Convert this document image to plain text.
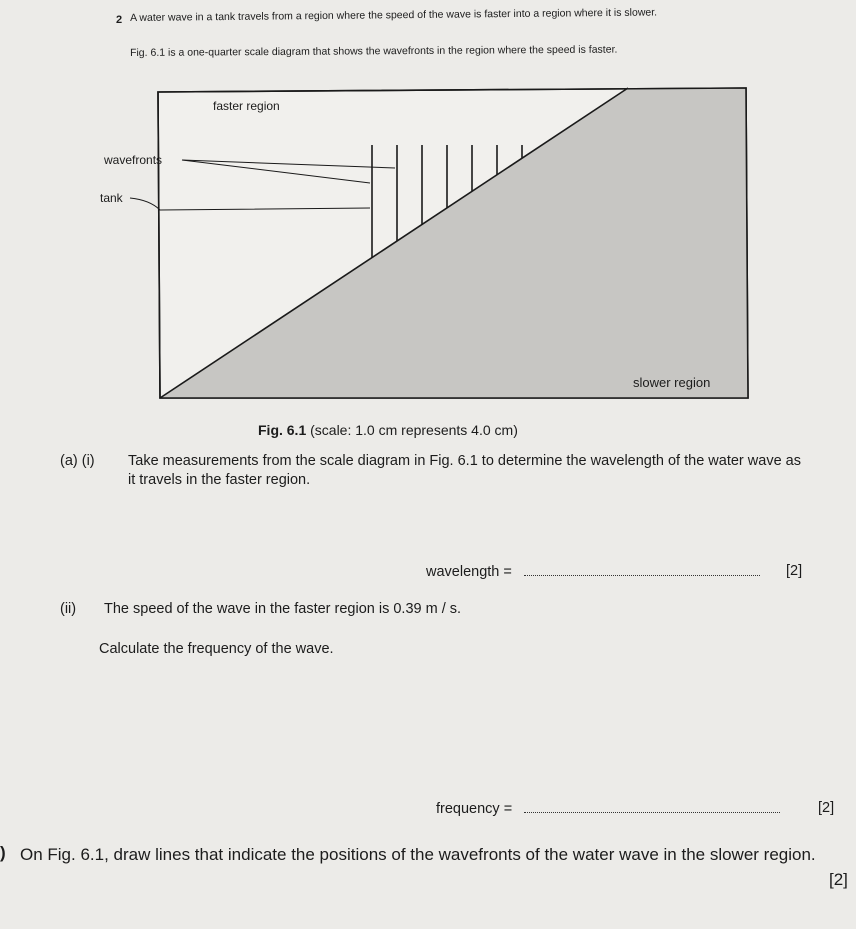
2 A water wave in a tank travels from a region where the speed of the wave is faster into a region where it is slower.
Fig. 6.1 is a one-quarter scale diagram that shows the wavefronts in the region where the speed is faster.
faster region
wavefronts
tank
slower region
Fig. 6.1 (scale: 1.0 cm represents 4.0 cm)
(a) (i) Take measurements from the scale diagram in Fig. 6.1 to determine the wavelength of the water wave as it travels in the faster region.
wavelength =	[2]
(ii) The speed of the wave in the faster region is 0.39 m / s.
Calculate the frequency of the wave.
frequency =	[2]
) On Fig. 6.1, draw lines that indicate the positions of the wavefronts of the water wave in the slower region.
[2]
